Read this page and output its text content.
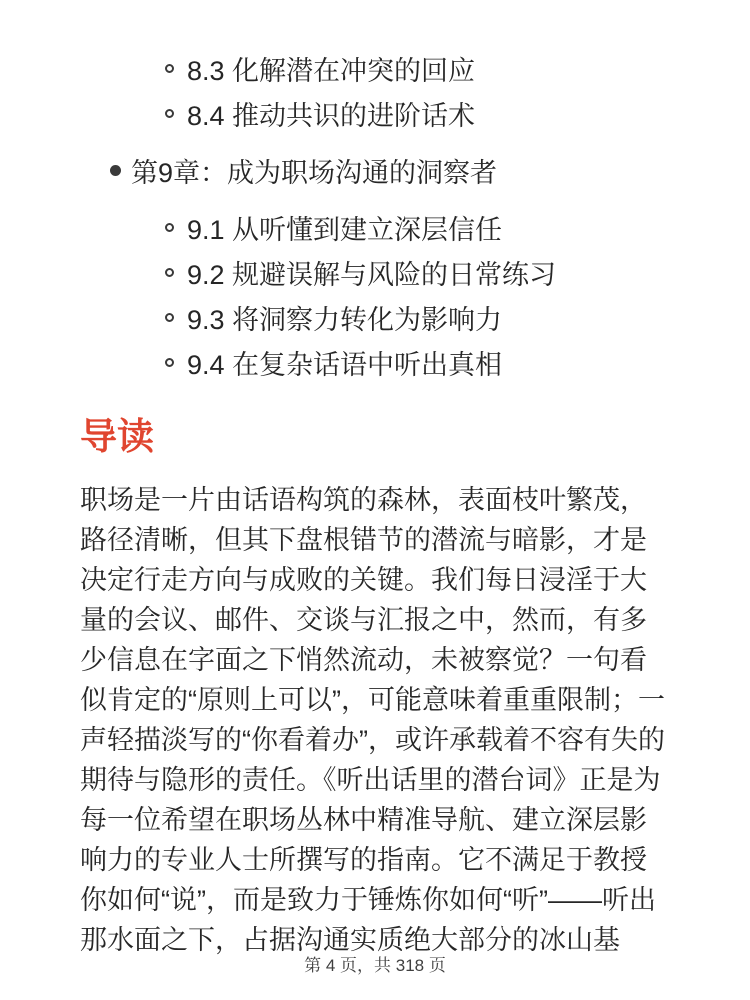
8.3 化解潜在冲突的回应
8.4 推动共识的进阶话术
第9章：成为职场沟通的洞察者
9.1 从听懂到建立深层信任
9.2 规避误解与风险的日常练习
9.3 将洞察力转化为影响力
9.4 在复杂话语中听出真相
导读

职场是一片由话语构筑的森林，表面枝叶繁茂，路径清晰，但其下盘根错节的潜流与暗影，才是决定行走方向与成败的关键。我们每日浸淫于大量的会议、邮件、交谈与汇报之中，然而，有多少信息在字面之下悄然流动，未被察觉？一句看似肯定的“原则上可以”，可能意味着重重限制；一声轻描淡写的“你看着办”，或许承载着不容有失的期待与隐形的责任。《听出话里的潜台词》正是为每一位希望在职场丛林中精准导航、建立深层影响力的专业人士所撰写的指南。它不满足于教授你如何“说”，而是致力于锤炼你如何“听”——听出那水面之下，占据沟通实质绝大部分的冰山基

第 4 页，共 318 页
